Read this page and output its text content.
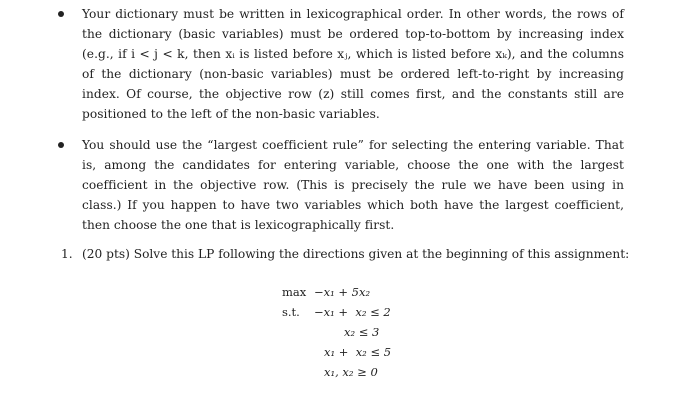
Your dictionary must be written in lexicographical order. In other words, the rows of the dictionary (basic variables) must be ordered top-to-bottom by increasing index (e.g., if i < j < k, then xᵢ is listed before xⱼ, which is listed before xₖ), and the columns of the dictionary (non-basic variables) must be ordered left-to-right by increasing index. Of course, the objective row (z) still comes first, and the constants still are positioned to the left of the non-basic variables.

You should use the “largest coefficient rule” for selecting the entering variable. That is, among the candidates for entering variable, choose the one with the largest coefficient in the objective row. (This is precisely the rule we have been using in class.) If you happen to have two variables which both have the largest coefficient, then choose the one that is lexicographically first.

1. (20 pts) Solve this LP following the directions given at the beginning of this assignment:

max −x₁ + 5x₂
s.t. −x₁ +  x₂ ≤ 2
x₂ ≤ 3
x₁ +  x₂ ≤ 5
x₁, x₂ ≥ 0
